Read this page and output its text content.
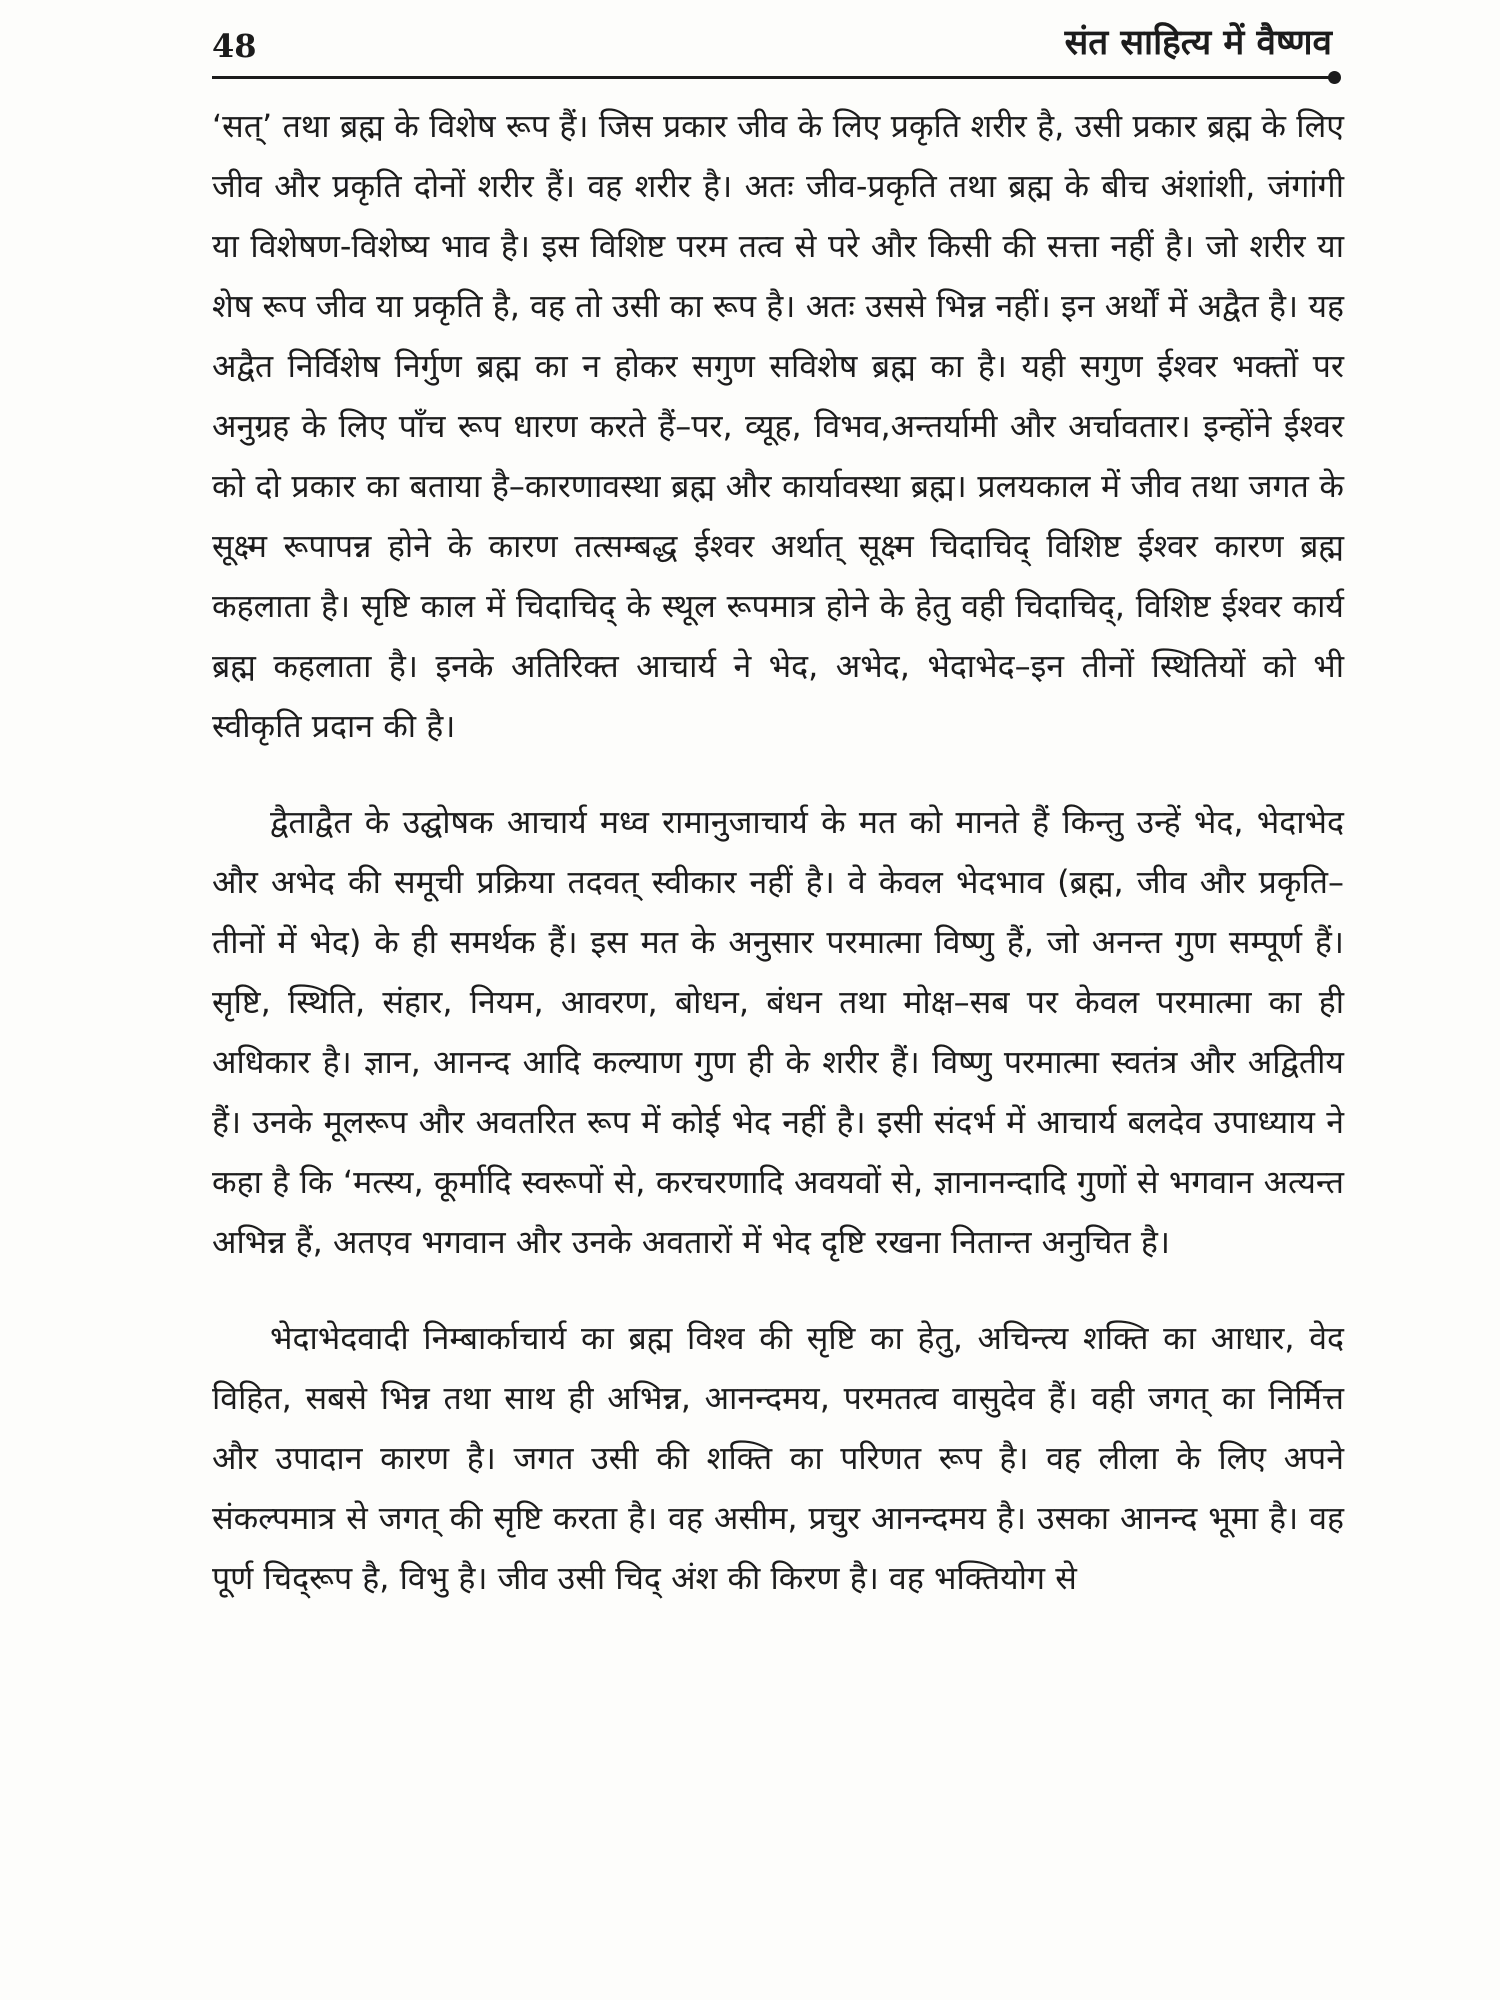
48	संत साहित्य में वैष्णव

‘सत्’ तथा ब्रह्म के विशेष रूप हैं। जिस प्रकार जीव के लिए प्रकृति शरीर है, उसी प्रकार ब्रह्म के लिए जीव और प्रकृति दोनों शरीर हैं। वह शरीर है। अतः जीव-प्रकृति तथा ब्रह्म के बीच अंशांशी, जंगांगी या विशेषण-विशेष्य भाव है। इस विशिष्ट परम तत्व से परे और किसी की सत्ता नहीं है। जो शरीर या शेष रूप जीव या प्रकृति है, वह तो उसी का रूप है। अतः उससे भिन्न नहीं। इन अर्थों में अद्वैत है। यह अद्वैत निर्विशेष निर्गुण ब्रह्म का न होकर सगुण सविशेष ब्रह्म का है। यही सगुण ईश्वर भक्तों पर अनुग्रह के लिए पाँच रूप धारण करते हैं–पर, व्यूह, विभव,अन्तर्यामी और अर्चावतार। इन्होंने ईश्वर को दो प्रकार का बताया है–कारणावस्था ब्रह्म और कार्यावस्था ब्रह्म। प्रलयकाल में जीव तथा जगत के सूक्ष्म रूपापन्न होने के कारण तत्सम्बद्ध ईश्वर अर्थात् सूक्ष्म चिदाचिद् विशिष्ट ईश्वर कारण ब्रह्म कहलाता है। सृष्टि काल में चिदाचिद् के स्थूल रूपमात्र होने के हेतु वही चिदाचिद्, विशिष्ट ईश्वर कार्य ब्रह्म कहलाता है। इनके अतिरिक्त आचार्य ने भेद, अभेद, भेदाभेद–इन तीनों स्थितियों को भी स्वीकृति प्रदान की है।

द्वैताद्वैत के उद्घोषक आचार्य मध्व रामानुजाचार्य के मत को मानते हैं किन्तु उन्हें भेद, भेदाभेद और अभेद की समूची प्रक्रिया तदवत् स्वीकार नहीं है। वे केवल भेदभाव (ब्रह्म, जीव और प्रकृति–तीनों में भेद) के ही समर्थक हैं। इस मत के अनुसार परमात्मा विष्णु हैं, जो अनन्त गुण सम्पूर्ण हैं। सृष्टि, स्थिति, संहार, नियम, आवरण, बोधन, बंधन तथा मोक्ष–सब पर केवल परमात्मा का ही अधिकार है। ज्ञान, आनन्द आदि कल्याण गुण ही के शरीर हैं। विष्णु परमात्मा स्वतंत्र और अद्वितीय हैं। उनके मूलरूप और अवतरित रूप में कोई भेद नहीं है। इसी संदर्भ में आचार्य बलदेव उपाध्याय ने कहा है कि ‘मत्स्य, कूर्मादि स्वरूपों से, करचरणादि अवयवों से, ज्ञानानन्दादि गुणों से भगवान अत्यन्त अभिन्न हैं, अतएव भगवान और उनके अवतारों में भेद दृष्टि रखना नितान्त अनुचित है।

भेदाभेदवादी निम्बार्काचार्य का ब्रह्म विश्व की सृष्टि का हेतु, अचिन्त्य शक्ति का आधार, वेद विहित, सबसे भिन्न तथा साथ ही अभिन्न, आनन्दमय, परमतत्व वासुदेव हैं। वही जगत् का निर्मित्त और उपादान कारण है। जगत उसी की शक्ति का परिणत रूप है। वह लीला के लिए अपने संकल्पमात्र से जगत् की सृष्टि करता है। वह असीम, प्रचुर आनन्दमय है। उसका आनन्द भूमा है। वह पूर्ण चिद्‌रूप है, विभु है। जीव उसी चिद् अंश की किरण है। वह भक्तियोग से
